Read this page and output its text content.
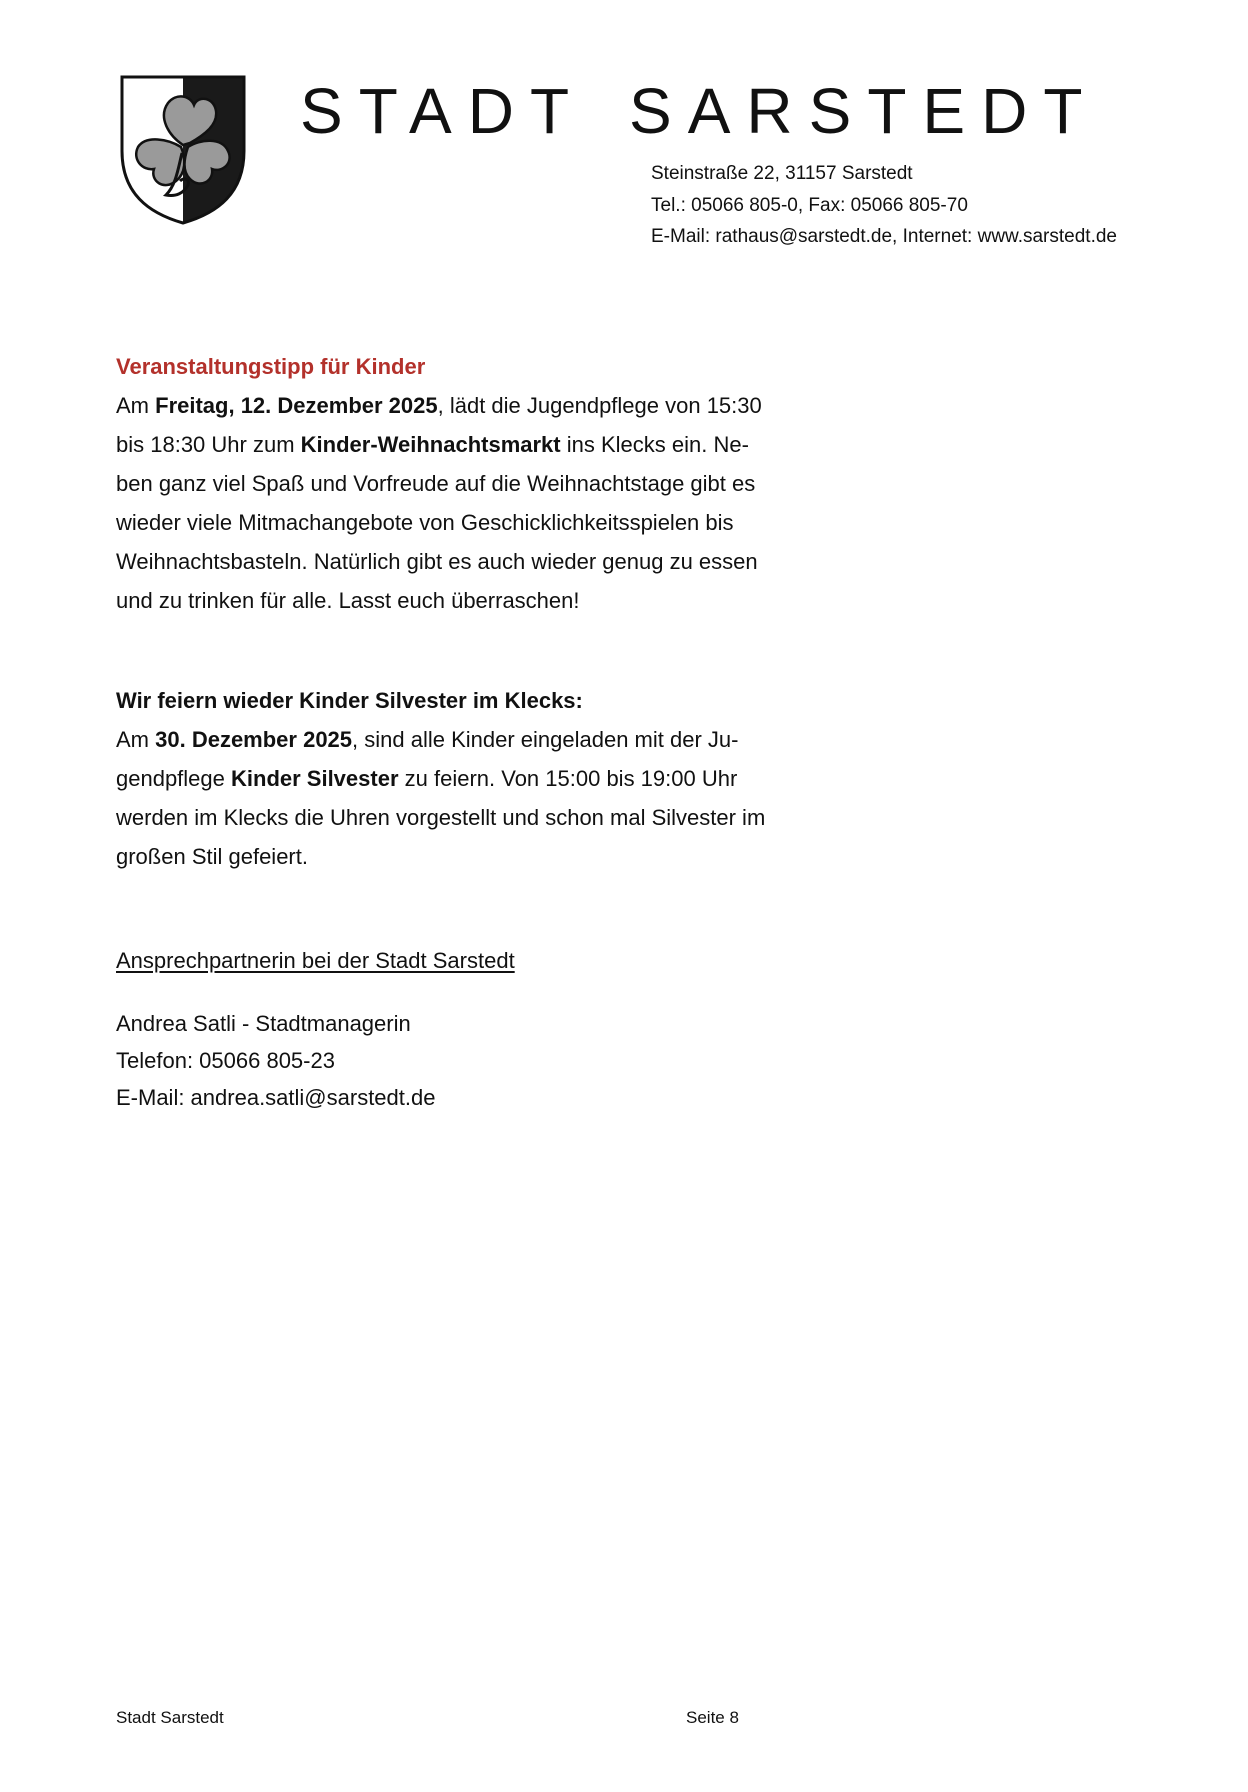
STADT SARSTEDT
Steinstraße 22, 31157 Sarstedt
Tel.: 05066 805-0, Fax: 05066 805-70
E-Mail: rathaus@sarstedt.de, Internet: www.sarstedt.de

Veranstaltungstipp für Kinder

Am Freitag, 12. Dezember 2025, lädt die Jugendpflege von 15:30

bis 18:30 Uhr zum Kinder-Weihnachtsmarkt ins Klecks ein. Ne-

ben ganz viel Spaß und Vorfreude auf die Weihnachtstage gibt es

wieder viele Mitmachangebote von Geschicklichkeitsspielen bis

Weihnachtsbasteln. Natürlich gibt es auch wieder genug zu essen

und zu trinken für alle. Lasst euch überraschen!

Wir feiern wieder Kinder Silvester im Klecks:

Am 30. Dezember 2025, sind alle Kinder eingeladen mit der Ju-

gendpflege Kinder Silvester zu feiern. Von 15:00 bis 19:00 Uhr

werden im Klecks die Uhren vorgestellt und schon mal Silvester im

großen Stil gefeiert.

Ansprechpartnerin bei der Stadt Sarstedt

Andrea Satli - Stadtmanagerin

Telefon: 05066 805-23

E-Mail: andrea.satli@sarstedt.de

Stadt Sarstedt	Seite 8
